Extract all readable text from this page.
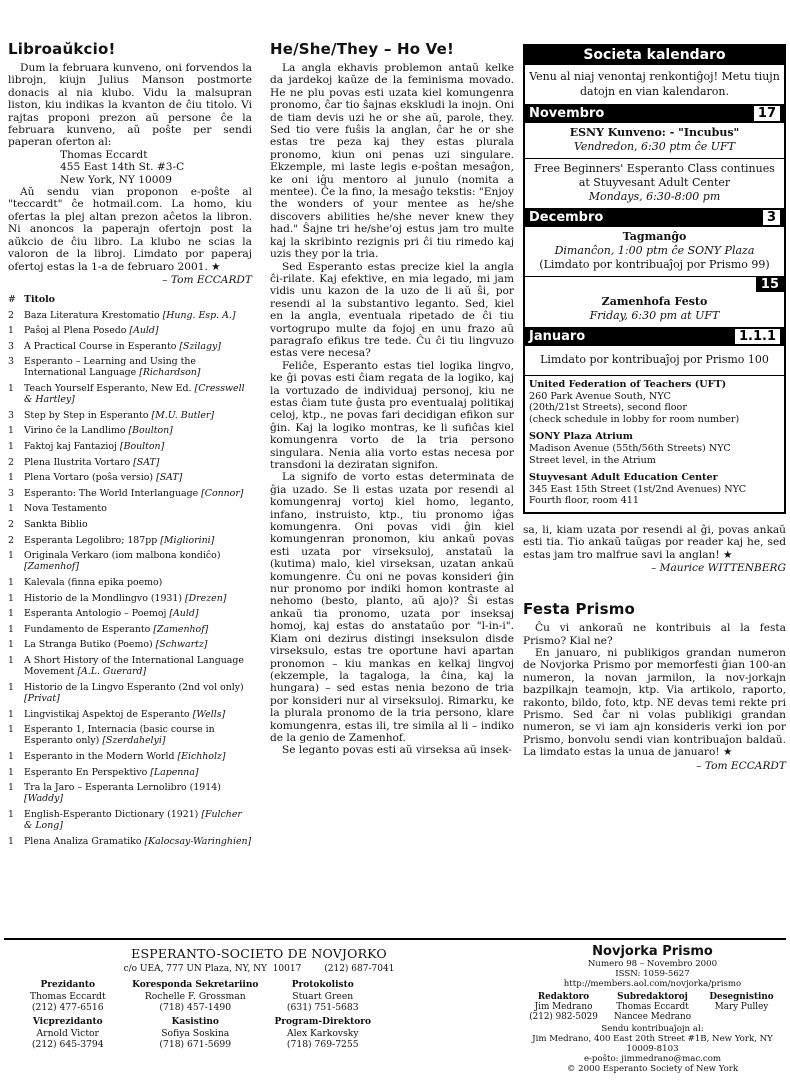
Libroaŭkcio!

Dum la februara kunveno, oni forvendos la librojn, kiujn Julius Manson postmorte donacis al nia klubo. Vidu la malsupran liston, kiu indikas la kvanton de ĉiu titolo. Vi rajtas proponi prezon aŭ persone ĉe la februara kunveno, aŭ poŝte per sendi paperan oferton al:

Thomas Eccardt
455 East 14th St. #3-C
New York, NY 10009

Aŭ sendu vian proponon e-poŝte al "teccardt" ĉe hotmail.com. La homo, kiu ofertas la plej altan prezon aĉetos la libron. Ni anoncos la paperajn ofertojn post la aŭkcio de ĉiu libro. La klubo ne scias la valoron de la libroj. Limdato por paperaj ofertoj estas la 1-a de februaro 2001. ★

– Tom ECCARDT
# Titolo
2	Baza Literatura Krestomatio [Hung. Esp. A.]
1	Paŝoj al Plena Posedo [Auld]
3	A Practical Course in Esperanto [Szilagy]
3	Esperanto – Learning and Using the International Language [Richardson]
1	Teach Yourself Esperanto, New Ed. [Cresswell & Hartley]
3	Step by Step in Esperanto [M.U. Butler]
1	Virino ĉe la Landlimo [Boulton]
1	Faktoj kaj Fantazioj [Boulton]
2	Plena Ilustrita Vortaro [SAT]
1	Plena Vortaro (poŝa versio) [SAT]
3	Esperanto: The World Interlanguage [Connor]
1	Nova Testamento
2	Sankta Biblio
2	Esperanta Legolibro; 187pp [Migliorini]
1	Originala Verkaro (iom malbona kondiĉo) [Zamenhof]
1	Kalevala (finna epika poemo)
1	Historio de la Mondlingvo (1931) [Drezen]
1	Esperanta Antologio – Poemoj [Auld]
1	Fundamento de Esperanto [Zamenhof]
1	La Stranga Butiko (Poemo) [Schwartz]
1	A Short History of the International Language Movement [A.L. Guerard]
1	Historio de la Lingvo Esperanto (2nd vol only) [Privat]
1	Lingvistikaj Aspektoj de Esperanto [Wells]
1	Esperanto 1, Internacia (basic course in Esperanto only) [Szerdahelyi]
1	Esperanto in the Modern World [Eichholz]
1	Esperanto En Perspektivo [Lapenna]
1	Tra la Jaro – Esperanta Lernolibro (1914) [Waddy]
1	English-Esperanto Dictionary (1921) [Fulcher & Long]
1	Plena Analiza Gramatiko [Kalocsay-Waringhien]
He/She/They – Ho Ve!

La angla ekhavis problemon antaŭ kelke da jardekoj kaŭze de la feminisma movado. He ne plu povas esti uzata kiel komungenra pronomo, ĉar tio ŝajnas ekskludi la inojn. Oni de tiam devis uzi he or she aŭ, parole, they. Sed tio vere fuŝis la anglan, ĉar he or she estas tre peza kaj they estas plurala pronomo, kiun oni penas uzi singulare. Ekzemple, mi laste legis e-poŝtan mesaĝon, ke oni iĝu mentoro al junulo (nomita a mentee). Ĉe la fino, la mesaĝo tekstis: "Enjoy the wonders of your mentee as he/she discovers abilities he/she never knew they had." Ŝajne tri he/she'oj estus jam tro multe kaj la skribinto rezignis pri ĉi tiu rimedo kaj uzis they por la tria.

Sed Esperanto estas precize kiel la angla ĉi-rilate. Kaj efektive, en mia legado, mi jam vidis unu kazon de la uzo de li aŭ ŝi, por resendi al la substantivo leganto. Sed, kiel en la angla, eventuala ripetado de ĉi tiu vortogrupo multe da fojoj en unu frazo aŭ paragrafo efikus tre tede. Ĉu ĉi tiu lingvuzo estas vere necesa?

Feliĉe, Esperanto estas tiel logika lingvo, ke ĝi povas esti ĉiam regata de la logiko, kaj la vortuzado de individuaj personoj, kiu ne estas ĉiam tute ĝusta pro eventualaj politikaj celoj, ktp., ne povas fari decidigan efikon sur ĝin. Kaj la logiko montras, ke li sufiĉas kiel komungenra vorto de la tria persono singulara. Nenia alia vorto estas necesa por transdoni la deziratan signifon.

La signifo de vorto estas determinata de ĝia uzado. Se li estas uzata por resendi al komungenraj vortoj kiel homo, leganto, infano, instruisto, ktp., tiu pronomo iĝas komungenra. Oni povas vidi ĝin kiel komungenran pronomon, kiu ankaŭ povas esti uzata por virseksuloj, anstataŭ la (kutima) malo, kiel virseksan, uzatan ankaŭ komungenre. Ĉu oni ne povas konsideri ĝin nur pronomo por indiki homon kontraste al nehomo (besto, planto, aŭ ajo)? Ŝi estas ankaŭ tia pronomo, uzata por inseksaj homoj, kaj estas do anstataŭo por "l-in-i". Kiam oni dezirus distingi inseksulon disde virseksulo, estas tre oportune havi apartan pronomon – kiu mankas en kelkaj lingvoj (ekzemple, la tagaloga, la ĉina, kaj la hungara) – sed estas nenia bezono de tria por konsideri nur al virseksuloj. Rimarku, ke la plurala pronomo de la tria persono, klare komungenra, estas ili, tre simila al li – indiko de la genio de Zamenhof.

Se leganto povas esti aŭ virseksa aŭ insek-

Societa kalendaro
Venu al niaj venontaj renkontiĝoj! Metu tiujn datojn en vian kalendaron.
Novembro	17
ESNY Kunveno: - "Incubus"
Vendredon, 6:30 ptm ĉe UFT
Free Beginners' Esperanto Class continues at Stuyvesant Adult Center
Mondays, 6:30-8:00 pm
Decembro	3
Tagmanĝo
Dimanĉon, 1:00 ptm ĉe SONY Plaza
(Limdato por kontribuaĵoj por Prismo 99)
15
Zamenhofa Festo
Friday, 6:30 pm at UFT
Januaro	1.1.1
Limdato por kontribuaĵoj por Prismo 100
United Federation of Teachers (UFT)
260 Park Avenue South, NYC
(20th/21st Streets), second floor
(check schedule in lobby for room number)
SONY Plaza Atrium
Madison Avenue (55th/56th Streets) NYC
Street level, in the Atrium
Stuyvesant Adult Education Center
345 East 15th Street (1st/2nd Avenues) NYC
Fourth floor, room 411

sa, li, kiam uzata por resendi al ĝi, povas ankaŭ esti tia. Tio ankaŭ taŭgas por reader kaj he, sed estas jam tro malfrue savi la anglan! ★

– Maurice WITTENBERG
Festa Prismo

Ĉu vi ankoraŭ ne kontribuis al la festa Prismo? Kial ne?

En januaro, ni publikigos grandan numeron de Novjorka Prismo por memorfesti ĝian 100-an numeron, la novan jarmilon, la nov-jorkajn bazpilkajn teamojn, ktp. Via artikolo, raporto, rakonto, bildo, foto, ktp. NE devas temi rekte pri Prismo. Sed ĉar ni volas publikigi grandan numeron, se vi iam ajn konsideris verki ion por Prismo, bonvolu sendi vian kontribuaĵon baldaŭ. La limdato estas la unua de januaro! ★

– Tom ECCARDT
ESPERANTO-SOCIETO DE NOVJORKO
c/o UEA, 777 UN Plaza, NY, NY  10017        (212) 687-7041
Prezidanto
Thomas Eccardt
(212) 477-6516
Koresponda Sekretariino
Rochelle F. Grossman
(718) 457-1490
Protokolisto
Stuart Green
(631) 751-5683
Vicprezidanto
Arnold Victor
(212) 645-3794
Kasistino
Sofiya Soskina
(718) 671-5699
Program-Direktoro
Alex Karkovsky
(718) 769-7255
Novjorka Prismo
Numero 98 – Novembro 2000
ISSN: 1059-5627
http://members.aol.com/novjorka/prismo
Redaktoro
Jim Medrano
(212) 982-5029
Subredaktoroj
Thomas Eccardt
Nancee Medrano
Desegnistino
Mary Pulley
Sendu kontribuaĵojn al:
Jim Medrano, 400 East 20th Street #1B, New York, NY 10009-8103
e-poŝto: jimmedrano@mac.com
© 2000 Esperanto Society of New York
